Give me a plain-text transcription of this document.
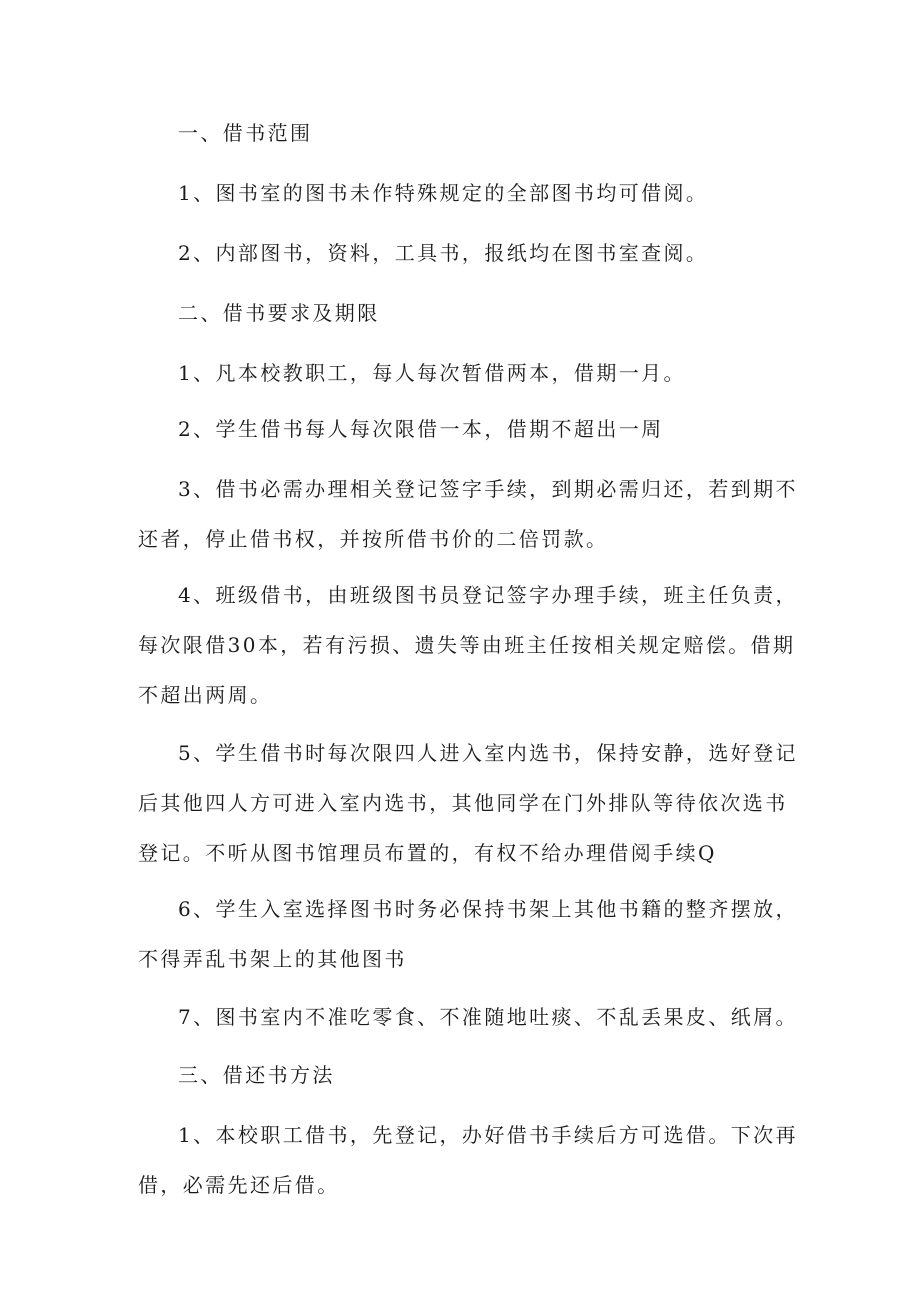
一、借书范围

1、图书室的图书未作特殊规定的全部图书均可借阅。

2、内部图书，资料，工具书，报纸均在图书室查阅。

二、借书要求及期限

1、凡本校教职工，每人每次暂借两本，借期一月。

2、学生借书每人每次限借一本，借期不超出一周

3、借书必需办理相关登记签字手续，到期必需归还，若到期不还者，停止借书权，并按所借书价的二倍罚款。

4、班级借书，由班级图书员登记签字办理手续，班主任负责，每次限借30本，若有污损、遗失等由班主任按相关规定赔偿。借期不超出两周。

5、学生借书时每次限四人进入室内选书，保持安静，选好登记后其他四人方可进入室内选书，其他同学在门外排队等待依次选书登记。不听从图书馆理员布置的，有权不给办理借阅手续Q

6、学生入室选择图书时务必保持书架上其他书籍的整齐摆放，不得弄乱书架上的其他图书

7、图书室内不准吃零食、不准随地吐痰、不乱丢果皮、纸屑。

三、借还书方法

1、本校职工借书，先登记，办好借书手续后方可选借。下次再借，必需先还后借。
